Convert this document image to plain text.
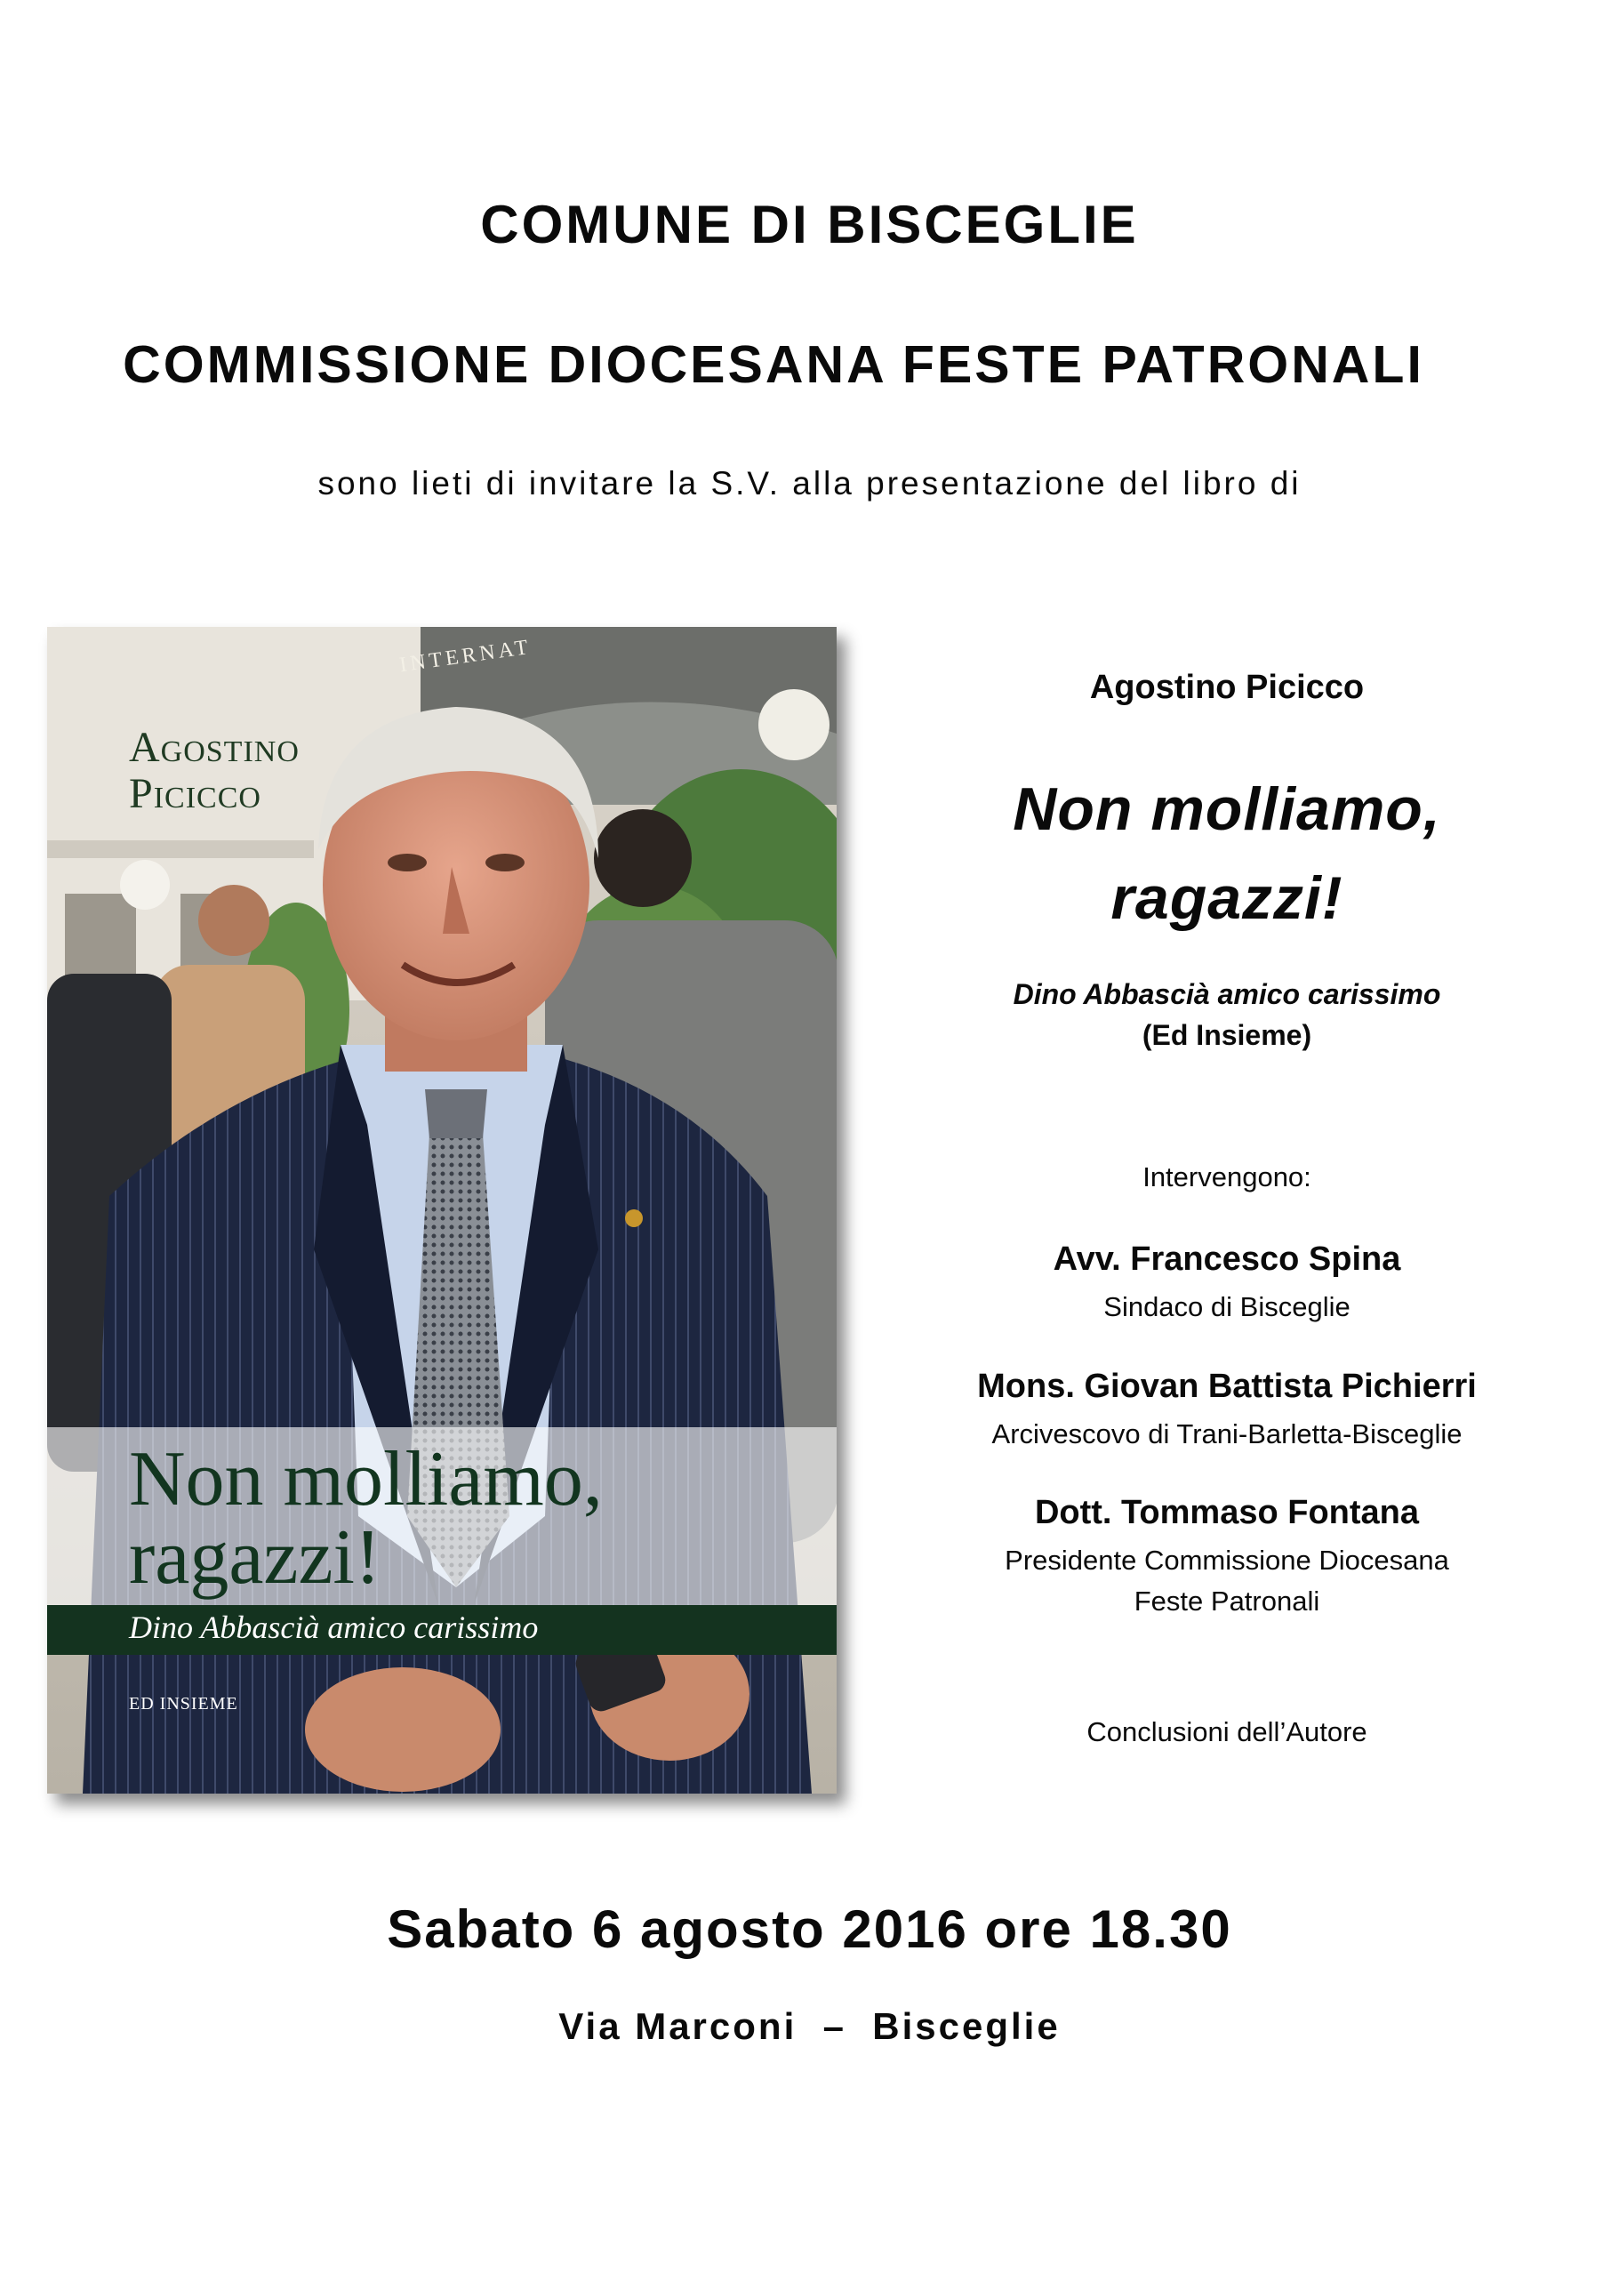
COMUNE DI BISCEGLIE
COMMISSIONE DIOCESANA FESTE PATRONALI
sono lieti di invitare la S.V. alla presentazione del libro di
INTERNAT
Agostino
Picicco
Non molliamo,
ragazzi!
Dino Abbascià amico carissimo
ED INSIEME
Agostino Picicco
Non molliamo,
ragazzi!
Dino Abbascià amico carissimo
(Ed Insieme)
Intervengono:
Avv. Francesco Spina
Sindaco di Bisceglie
Mons. Giovan Battista Pichierri
Arcivescovo di Trani-Barletta-Bisceglie
Dott. Tommaso Fontana
Presidente Commissione Diocesana
Feste Patronali
Conclusioni dell’Autore
Sabato 6 agosto 2016 ore 18.30
Via Marconi  –  Bisceglie
